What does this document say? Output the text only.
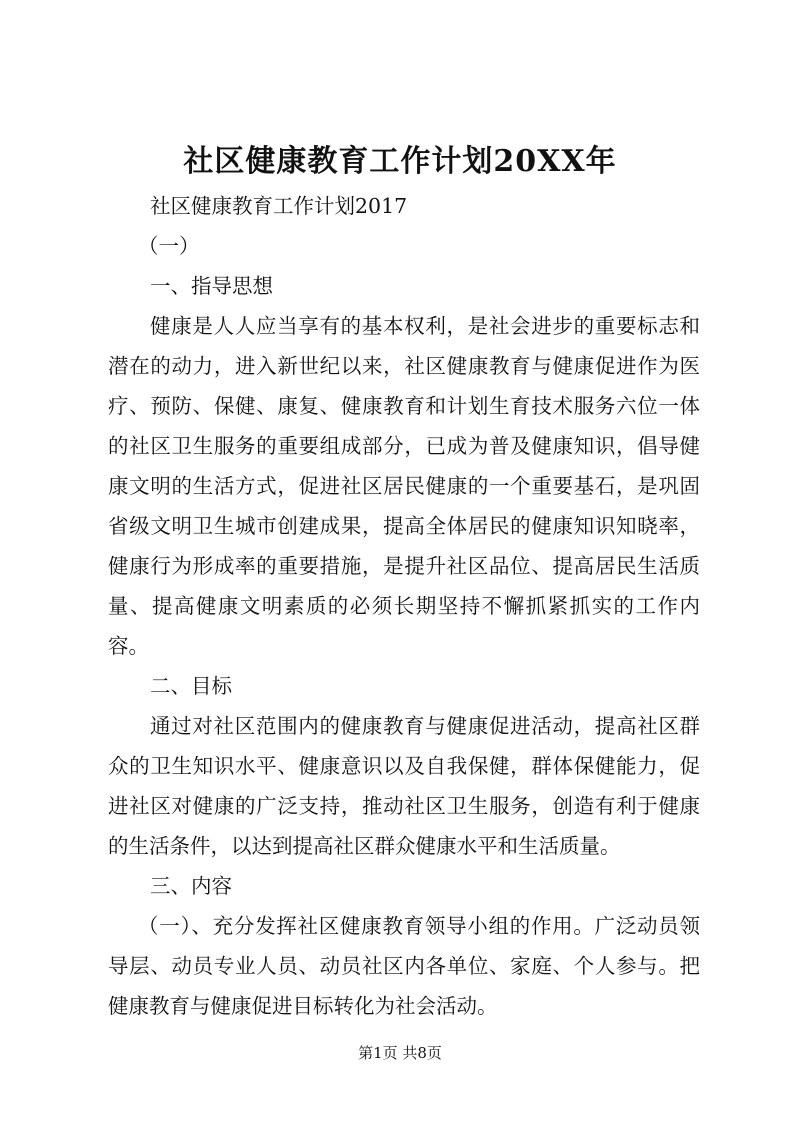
社区健康教育工作计划20XX年

社区健康教育工作计划2017

（一）

一、指导思想

健康是人人应当享有的基本权利，是社会进步的重要标志和潜在的动力，进入新世纪以来，社区健康教育与健康促进作为医疗、预防、保健、康复、健康教育和计划生育技术服务六位一体的社区卫生服务的重要组成部分，已成为普及健康知识，倡导健康文明的生活方式，促进社区居民健康的一个重要基石，是巩固省级文明卫生城市创建成果，提高全体居民的健康知识知晓率，健康行为形成率的重要措施，是提升社区品位、提高居民生活质量、提高健康文明素质的必须长期坚持不懈抓紧抓实的工作内容。

二、目标

通过对社区范围内的健康教育与健康促进活动，提高社区群众的卫生知识水平、健康意识以及自我保健，群体保健能力，促进社区对健康的广泛支持，推动社区卫生服务，创造有利于健康的生活条件，以达到提高社区群众健康水平和生活质量。

三、内容

（一）、充分发挥社区健康教育领导小组的作用。广泛动员领导层、动员专业人员、动员社区内各单位、家庭、个人参与。把健康教育与健康促进目标转化为社会活动。

第1页 共8页
